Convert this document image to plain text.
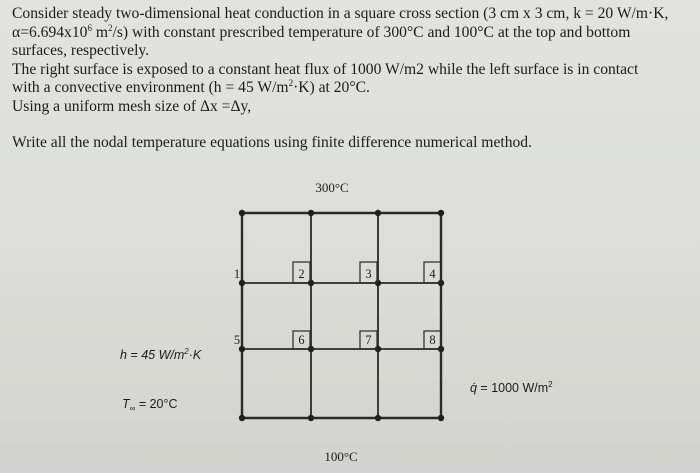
Consider steady two-dimensional heat conduction in a square cross section (3 cm x 3 cm, k = 20 W/m·K,

$\alpha=6.694x10^6$ $m^2/s$) with constant prescribed temperature of 300°C and 100°C at the top and bottom

surfaces, respectively.

The right surface is exposed to a constant heat flux of 1000 W/m2 while the left surface is in contact

with a convective environment (h = 45 $W/m^2\cdot K$) at 20°C.

Using a uniform mesh size of Δx =Δy,

Write all the nodal temperature equations using finite difference numerical method.

300°C
100°C
h = 45 $W/m^2\cdot K$
$T_\infty = 20^\circ C$
q̇ = 1000 $W/m^2$
1	2	3	4
5	6	7	8
